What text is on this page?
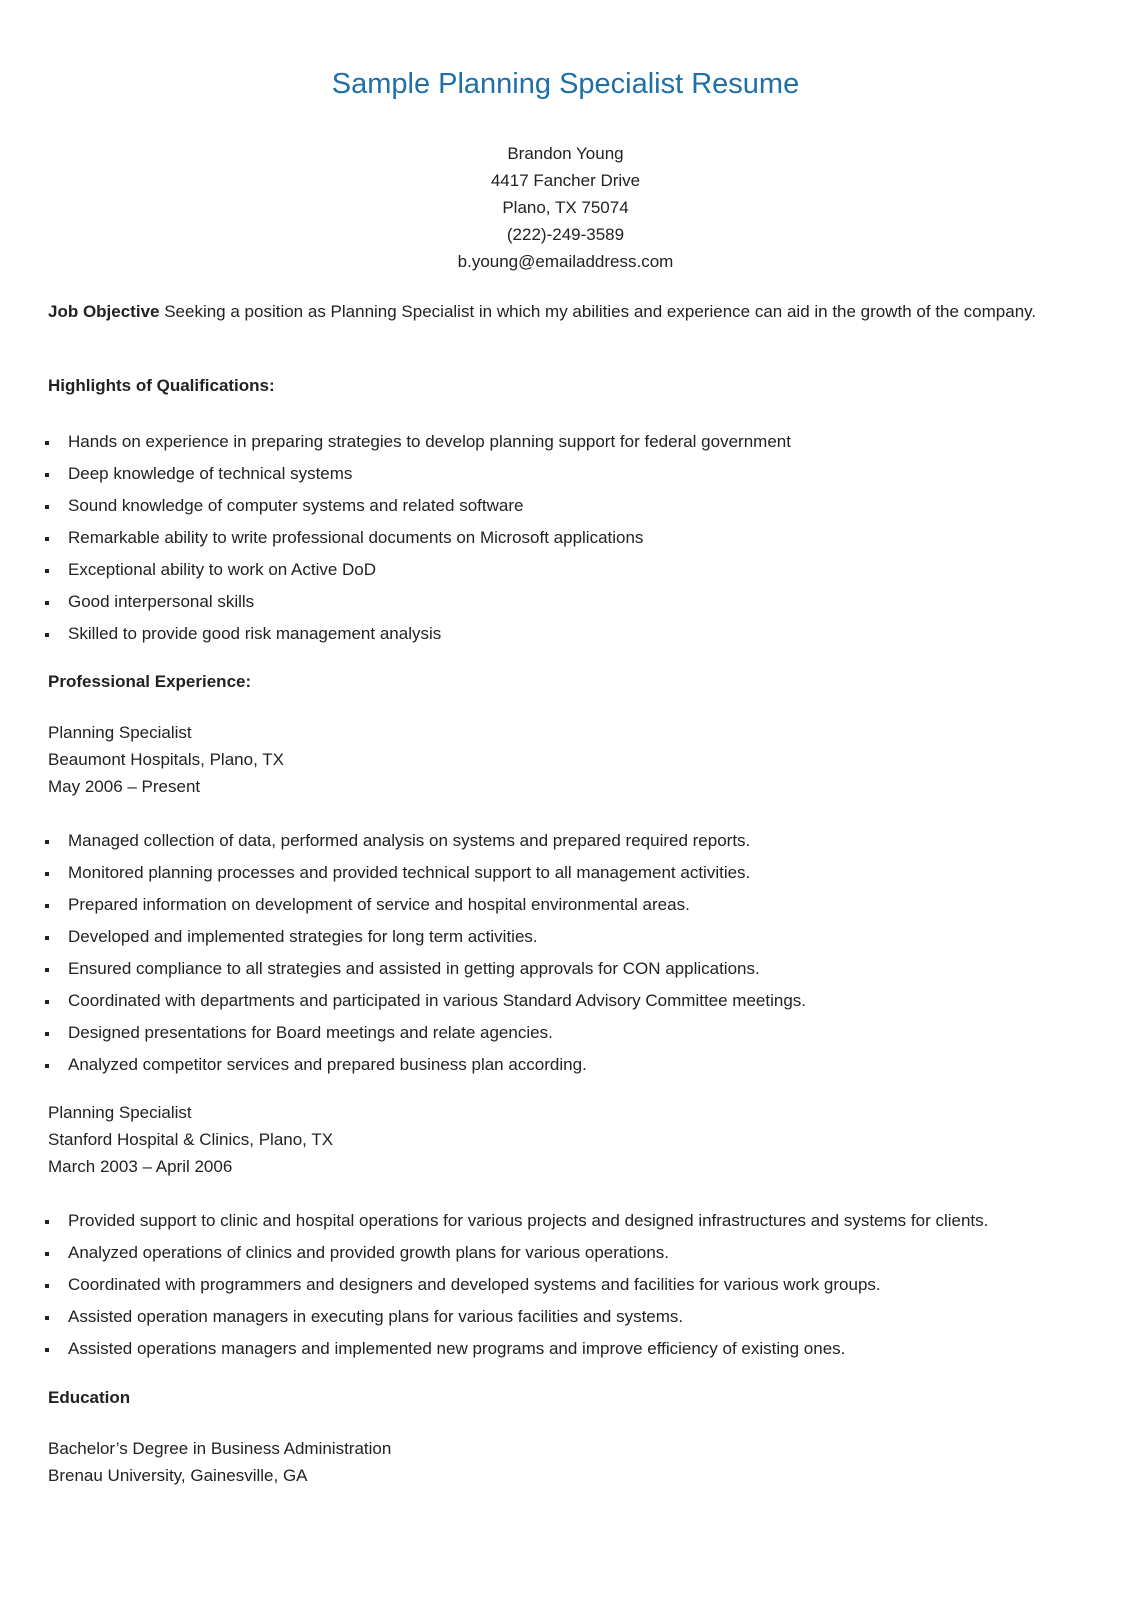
Sample Planning Specialist Resume
Brandon Young
4417 Fancher Drive
Plano, TX 75074
(222)-249-3589
b.young@emailaddress.com
Job Objective Seeking a position as Planning Specialist in which my abilities and experience can aid in the growth of the company.
Highlights of Qualifications:
Hands on experience in preparing strategies to develop planning support for federal government
Deep knowledge of technical systems
Sound knowledge of computer systems and related software
Remarkable ability to write professional documents on Microsoft applications
Exceptional ability to work on Active DoD
Good interpersonal skills
Skilled to provide good risk management analysis
Professional Experience:
Planning Specialist
Beaumont Hospitals, Plano, TX
May 2006 – Present
Managed collection of data, performed analysis on systems and prepared required reports.
Monitored planning processes and provided technical support to all management activities.
Prepared information on development of service and hospital environmental areas.
Developed and implemented strategies for long term activities.
Ensured compliance to all strategies and assisted in getting approvals for CON applications.
Coordinated with departments and participated in various Standard Advisory Committee meetings.
Designed presentations for Board meetings and relate agencies.
Analyzed competitor services and prepared business plan according.
Planning Specialist
Stanford Hospital & Clinics, Plano, TX
March 2003 – April 2006
Provided support to clinic and hospital operations for various projects and designed infrastructures and systems for clients.
Analyzed operations of clinics and provided growth plans for various operations.
Coordinated with programmers and designers and developed systems and facilities for various work groups.
Assisted operation managers in executing plans for various facilities and systems.
Assisted operations managers and implemented new programs and improve efficiency of existing ones.
Education
Bachelor’s Degree in Business Administration
Brenau University, Gainesville, GA
